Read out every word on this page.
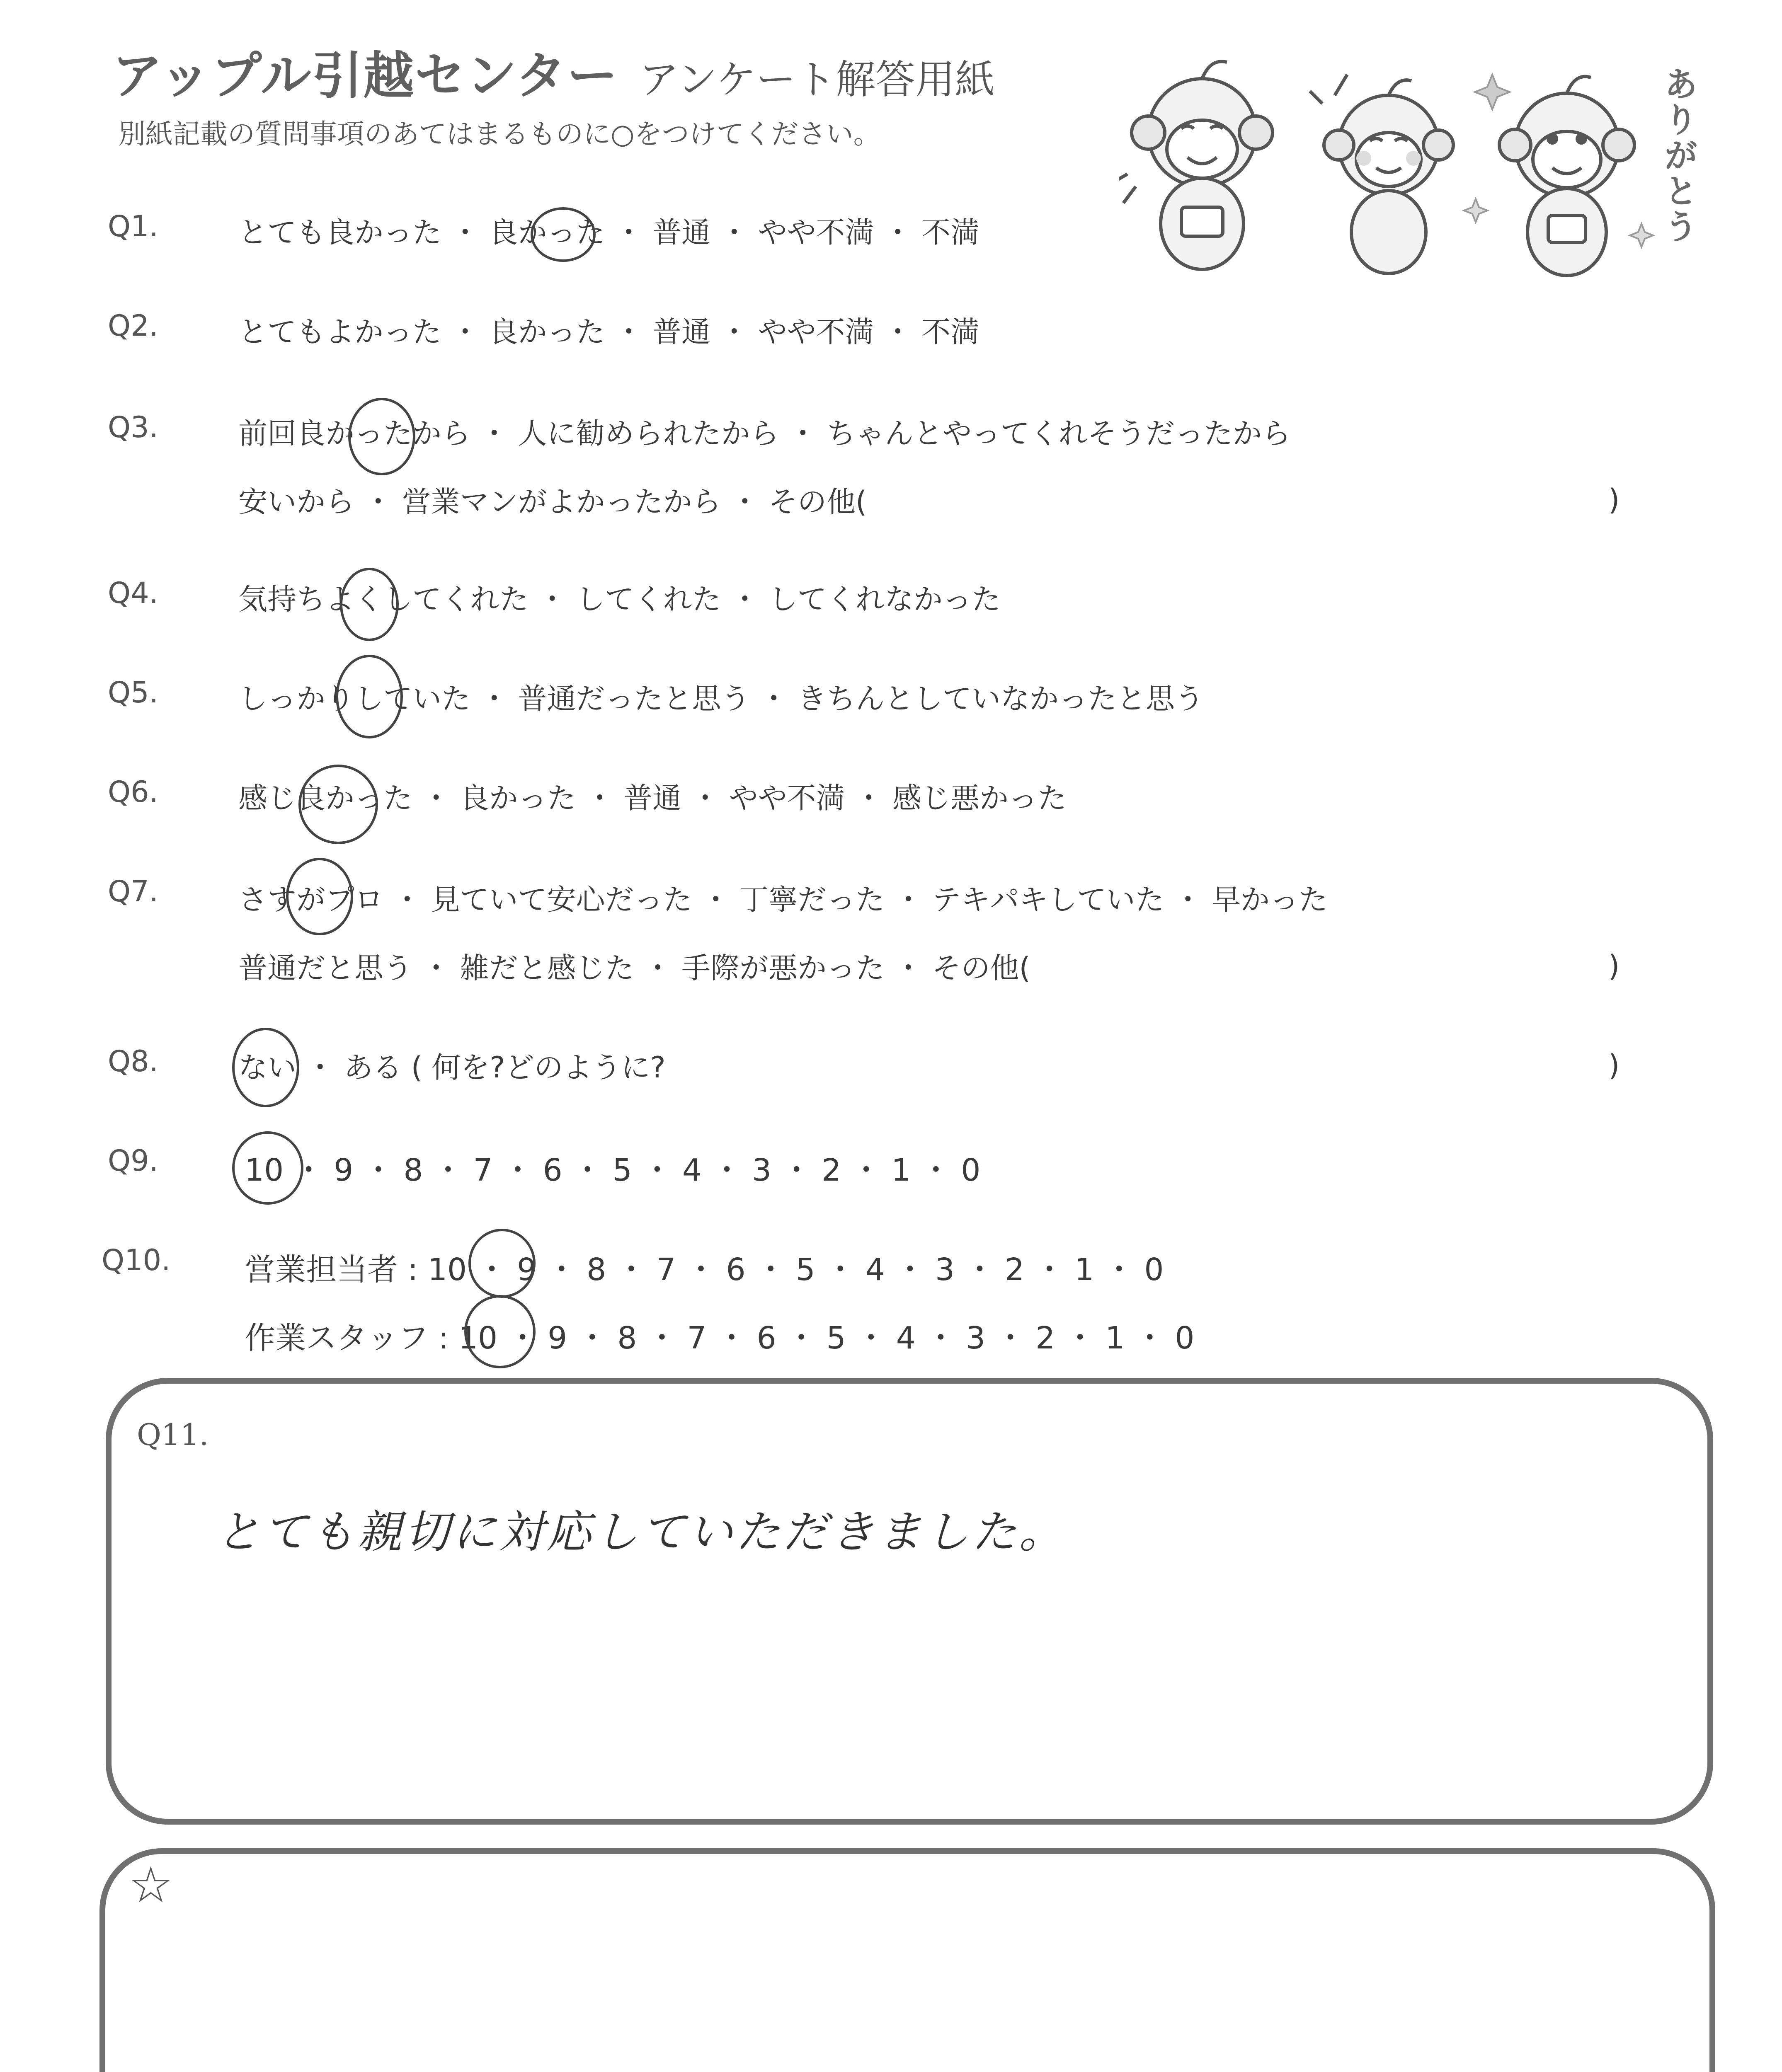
アップル引越センター アンケート解答用紙
別紙記載の質問事項のあてはまるものに○をつけてください。	ありがとう
Q1.	とても良かった ・ 良かった ・ 普通 ・ やや不満 ・ 不満
Q2.	とてもよかった ・ 良かった ・ 普通 ・ やや不満 ・ 不満
Q3.	前回良かったから ・ 人に勧められたから ・ ちゃんとやってくれそうだったから
安いから ・ 営業マンがよかったから ・ その他(	)
Q4.	気持ちよくしてくれた ・ してくれた ・ してくれなかった
Q5.	しっかりしていた ・ 普通だったと思う ・ きちんとしていなかったと思う
Q6.	感じ良かった ・ 良かった ・ 普通 ・ やや不満 ・ 感じ悪かった
Q7.	さすがプロ ・ 見ていて安心だった ・ 丁寧だった ・ テキパキしていた ・ 早かった
普通だと思う ・ 雑だと感じた ・ 手際が悪かった ・ その他(	)
Q8.	ない ・ ある ( 何を?どのように?	)
Q9.	10 ・ 9 ・ 8 ・ 7 ・ 6 ・ 5 ・ 4 ・ 3 ・ 2 ・ 1 ・ 0
Q10. 営業担当者 : 10 ・ 9 ・ 8 ・ 7 ・ 6 ・ 5 ・ 4 ・ 3 ・ 2 ・ 1 ・ 0
作業スタッフ : 10 ・ 9 ・ 8 ・ 7 ・ 6 ・ 5 ・ 4 ・ 3 ・ 2 ・ 1 ・ 0
Q11.
とても親切に対応していただきました。
☆
